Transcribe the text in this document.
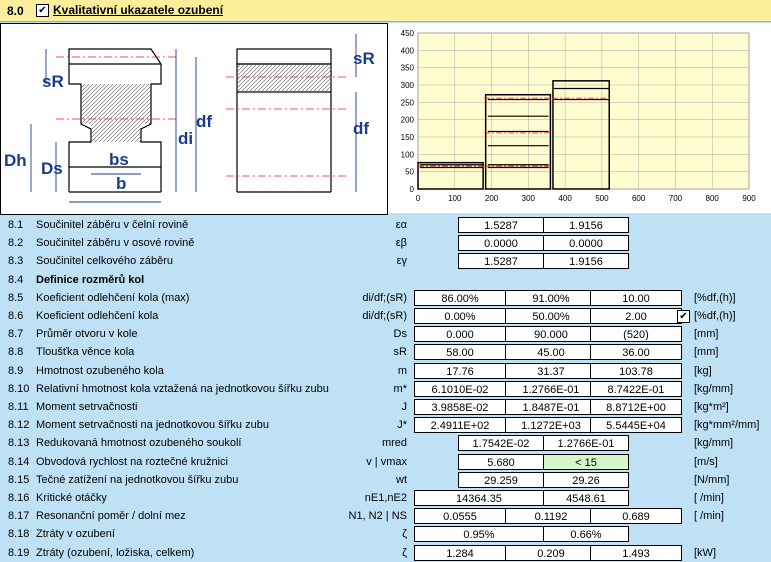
8.0 ✔ Kvalitativní ukazatele ozubení
sR
sR
df	df
di
Dh Ds	bs
b	0
50
100
150
200
250
300
350
400
450
0	100	200	300	400	500	600	700	800	900
8.1 Součinitel záběru v čelní rovině	εα	1.5287	1.9156
8.2 Součinitel záběru v osové rovině	εβ	0.0000	0.0000
8.3 Součinitel celkového záběru	εγ	1.5287	1.9156
8.4 Definice rozměrů kol
8.5 Koeficient odlehčení kola (max)	di/df;(sR)	86.00%	91.00%	10.00	[%df,(h)]
8.6 Koeficient odlehčení kola	di/df;(sR)	0.00%	50.00%	2.00	✔ [%df,(h)]
8.7 Průměr otvoru v kole	Ds	0.000	90.000	(520)	[mm]
8.8 Tloušťka věnce kola	sR	58.00	45.00	36.00	[mm]
8.9 Hmotnost ozubeného kola	m	17.76	31.37	103.78	[kg]
8.10 Relativní hmotnost kola vztažená na jednotkovou šířku zubu	m*	6.1010E-02	1.2766E-01	8.7422E-01	[kg/mm]
8.11 Moment setrvačnosti	J	3.9858E-02	1.8487E-01	8.8712E+00	[kg*m²]
8.12 Moment setrvačnosti na jednotkovou šířku zubu	J*	2.4911E+02	1.1272E+03	5.5445E+04	[kg*mm²/mm]
8.13 Redukovaná hmotnost ozubeného soukolí	mred	1.7542E-02	1.2766E-01	[kg/mm]
8.14 Obvodová rychlost na roztečné kružnici	v | vmax	5.680	< 15	[m/s]
8.15 Tečné zatížení na jednotkovou šířku zubu	wt	29.259	29.26	[N/mm]
8.16 Kritické otáčky	nE1,nE2	14364.35	4548.61	[ /min]
8.17 Resonanční poměr / dolní mez	N1, N2 | NS	0.0555	0.1192	0.689	[ /min]
8.18 Ztráty v ozubení	ζ	0.95%	0.66%
8.19 Ztráty (ozubení, ložiska, celkem)	ζ	1.284	0.209	1.493	[kW]
